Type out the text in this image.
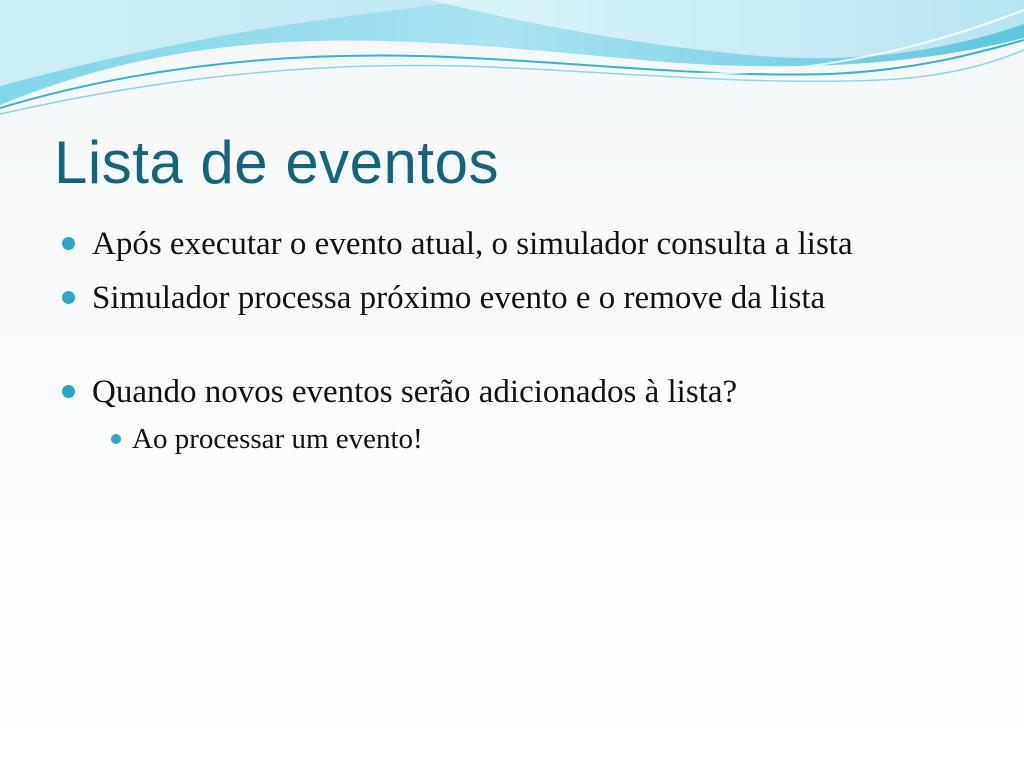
Lista de eventos
Após executar o evento atual, o simulador consulta a lista
Simulador processa próximo evento e o remove da lista
Quando novos eventos serão adicionados à lista?
Ao processar um evento!
